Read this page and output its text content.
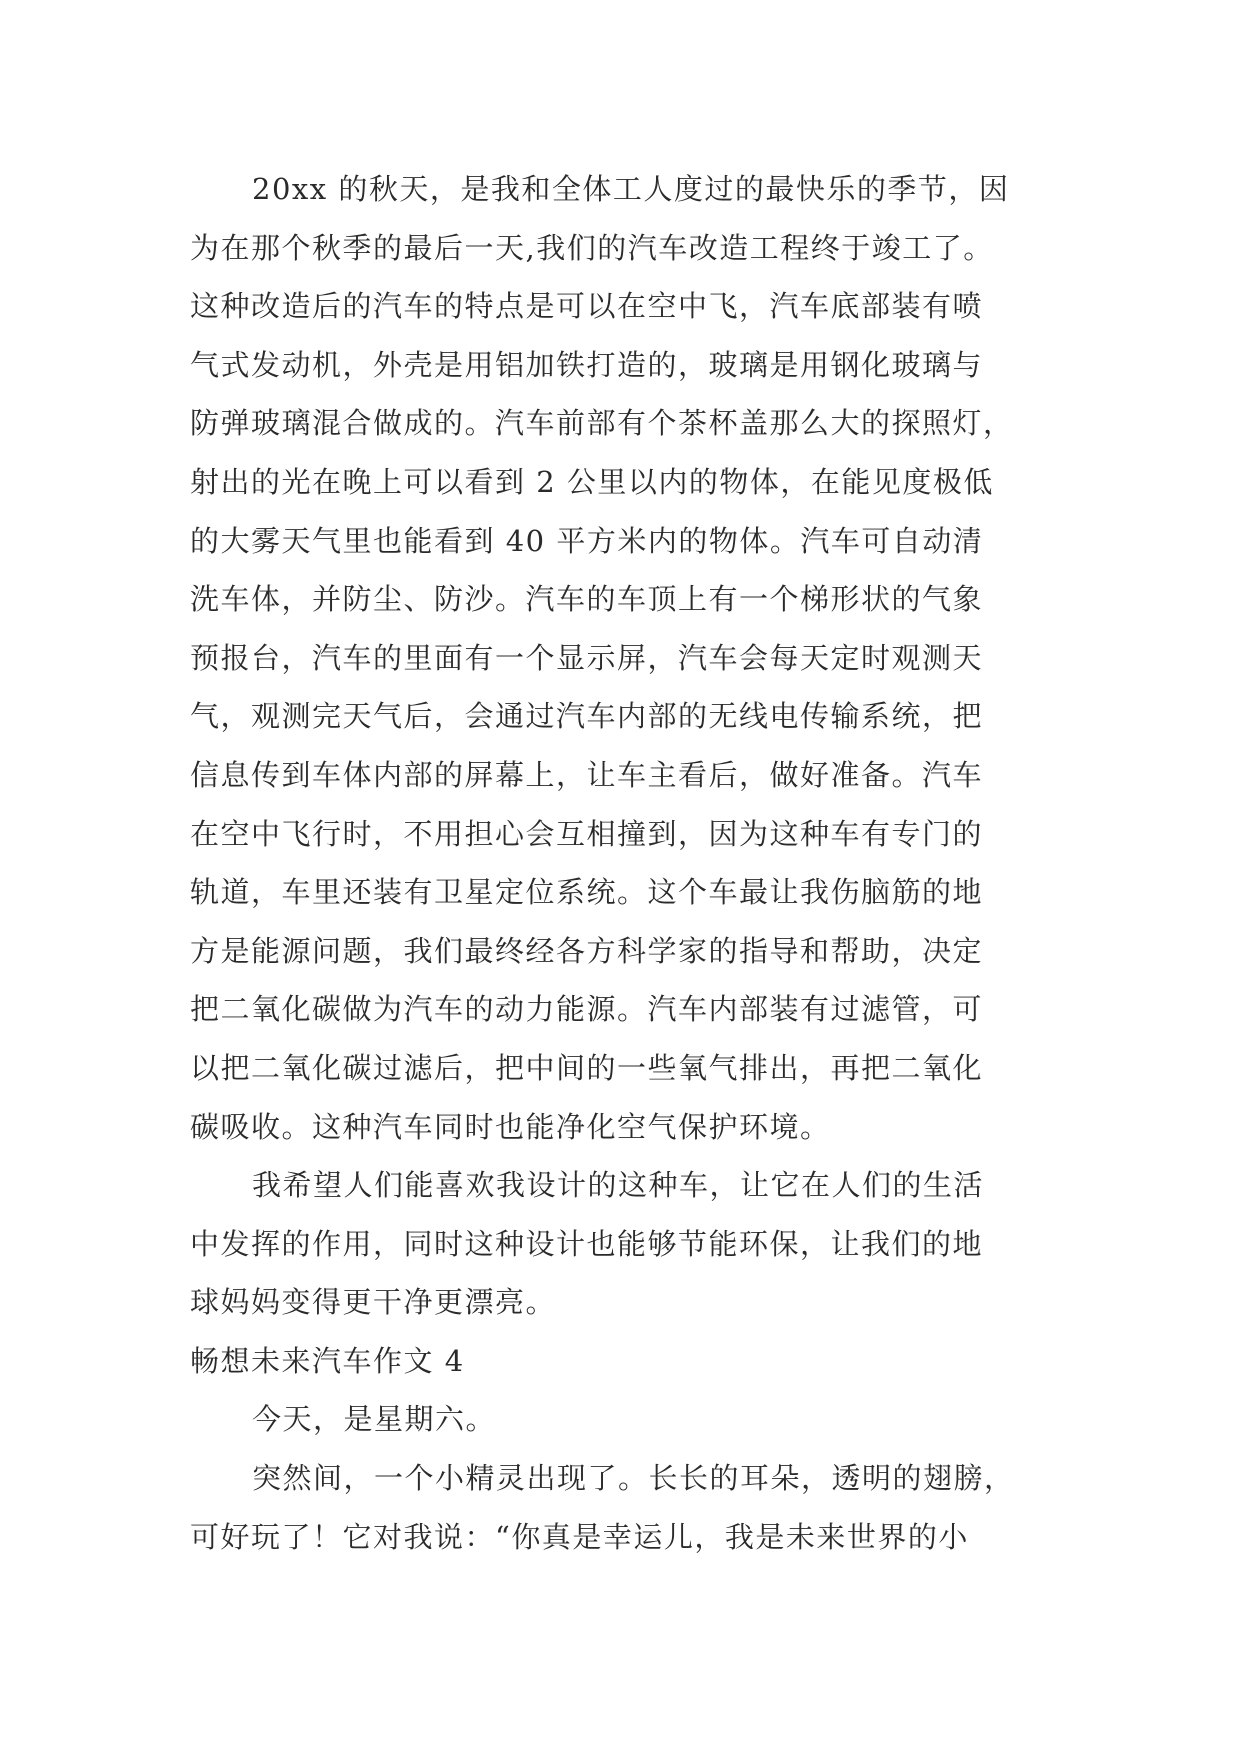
20xx 的秋天，是我和全体工人度过的最快乐的季节，因
为在那个秋季的最后一天,我们的汽车改造工程终于竣工了。
这种改造后的汽车的特点是可以在空中飞，汽车底部装有喷
气式发动机，外壳是用铝加铁打造的，玻璃是用钢化玻璃与
防弹玻璃混合做成的。汽车前部有个茶杯盖那么大的探照灯，
射出的光在晚上可以看到 2 公里以内的物体，在能见度极低
的大雾天气里也能看到 40 平方米内的物体。汽车可自动清
洗车体，并防尘、防沙。汽车的车顶上有一个梯形状的气象
预报台，汽车的里面有一个显示屏，汽车会每天定时观测天
气，观测完天气后，会通过汽车内部的无线电传输系统，把
信息传到车体内部的屏幕上，让车主看后，做好准备。汽车
在空中飞行时，不用担心会互相撞到，因为这种车有专门的
轨道，车里还装有卫星定位系统。这个车最让我伤脑筋的地
方是能源问题，我们最终经各方科学家的指导和帮助，决定
把二氧化碳做为汽车的动力能源。汽车内部装有过滤管，可
以把二氧化碳过滤后，把中间的一些氧气排出，再把二氧化
碳吸收。这种汽车同时也能净化空气保护环境。
我希望人们能喜欢我设计的这种车，让它在人们的生活
中发挥的作用，同时这种设计也能够节能环保，让我们的地
球妈妈变得更干净更漂亮。
畅想未来汽车作文 4
今天，是星期六。
突然间，一个小精灵出现了。长长的耳朵，透明的翅膀，
可好玩了！它对我说：“你真是幸运儿，我是未来世界的小
